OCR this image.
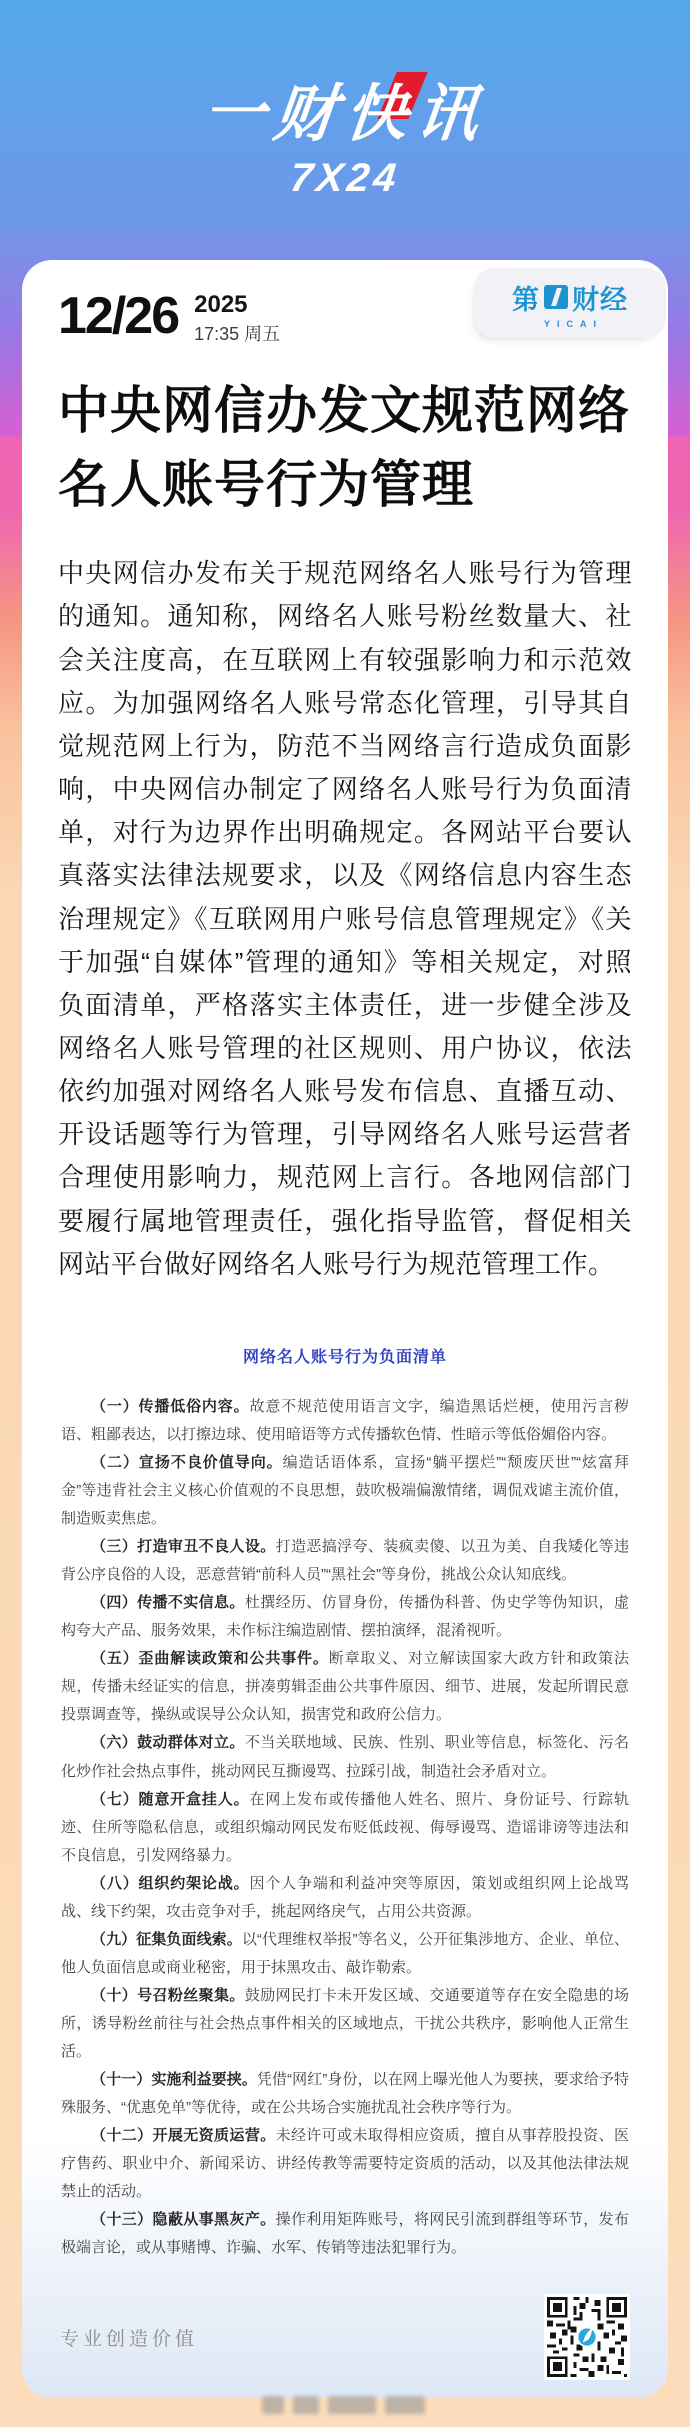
一财快讯
7X24
第 财经
YICAI
12/26 2025
17:35 周五
中央网信办发文规范网络名人账号行为管理
中央网信办发布关于规范网络名人账号行为管理的通知。通知称，网络名人账号粉丝数量大、社会关注度高，在互联网上有较强影响力和示范效应。为加强网络名人账号常态化管理，引导其自觉规范网上行为，防范不当网络言行造成负面影响，中央网信办制定了网络名人账号行为负面清单，对行为边界作出明确规定。各网站平台要认真落实法律法规要求，以及《网络信息内容生态治理规定》《互联网用户账号信息管理规定》《关于加强“自媒体”管理的通知》等相关规定，对照负面清单，严格落实主体责任，进一步健全涉及网络名人账号管理的社区规则、用户协议，依法依约加强对网络名人账号发布信息、直播互动、开设话题等行为管理，引导网络名人账号运营者合理使用影响力，规范网上言行。各地网信部门要履行属地管理责任，强化指导监管，督促相关网站平台做好网络名人账号行为规范管理工作。
网络名人账号行为负面清单

（一）传播低俗内容。故意不规范使用语言文字，编造黑话烂梗，使用污言秽语、粗鄙表达，以打擦边球、使用暗语等方式传播软色情、性暗示等低俗媚俗内容。

（二）宣扬不良价值导向。编造话语体系，宣扬“躺平摆烂”“颓废厌世”“炫富拜金”等违背社会主义核心价值观的不良思想，鼓吹极端偏激情绪，调侃戏谑主流价值，制造贩卖焦虑。

（三）打造审丑不良人设。打造恶搞浮夸、装疯卖傻、以丑为美、自我矮化等违背公序良俗的人设，恶意营销“前科人员”“黑社会”等身份，挑战公众认知底线。

（四）传播不实信息。杜撰经历、仿冒身份，传播伪科普、伪史学等伪知识，虚构夸大产品、服务效果，未作标注编造剧情、摆拍演绎，混淆视听。

（五）歪曲解读政策和公共事件。断章取义、对立解读国家大政方针和政策法规，传播未经证实的信息，拼凑剪辑歪曲公共事件原因、细节、进展，发起所谓民意投票调查等，操纵或误导公众认知，损害党和政府公信力。

（六）鼓动群体对立。不当关联地域、民族、性别、职业等信息，标签化、污名化炒作社会热点事件，挑动网民互撕谩骂、拉踩引战，制造社会矛盾对立。

（七）随意开盒挂人。在网上发布或传播他人姓名、照片、身份证号、行踪轨迹、住所等隐私信息，或组织煽动网民发布贬低歧视、侮辱谩骂、造谣诽谤等违法和不良信息，引发网络暴力。

（八）组织约架论战。因个人争端和利益冲突等原因，策划或组织网上论战骂战、线下约架，攻击竞争对手，挑起网络戾气，占用公共资源。

（九）征集负面线索。以“代理维权举报”等名义，公开征集涉地方、企业、单位、他人负面信息或商业秘密，用于抹黑攻击、敲诈勒索。

（十）号召粉丝聚集。鼓励网民打卡未开发区域、交通要道等存在安全隐患的场所，诱导粉丝前往与社会热点事件相关的区域地点，干扰公共秩序，影响他人正常生活。

（十一）实施利益要挟。凭借“网红”身份，以在网上曝光他人为要挟，要求给予特殊服务、“优惠免单”等优待，或在公共场合实施扰乱社会秩序等行为。

（十二）开展无资质运营。未经许可或未取得相应资质，擅自从事荐股投资、医疗售药、职业中介、新闻采访、讲经传教等需要特定资质的活动，以及其他法律法规禁止的活动。

（十三）隐蔽从事黑灰产。操作利用矩阵账号，将网民引流到群组等环节，发布极端言论，或从事赌博、诈骗、水军、传销等违法犯罪行为。

专业创造价值
